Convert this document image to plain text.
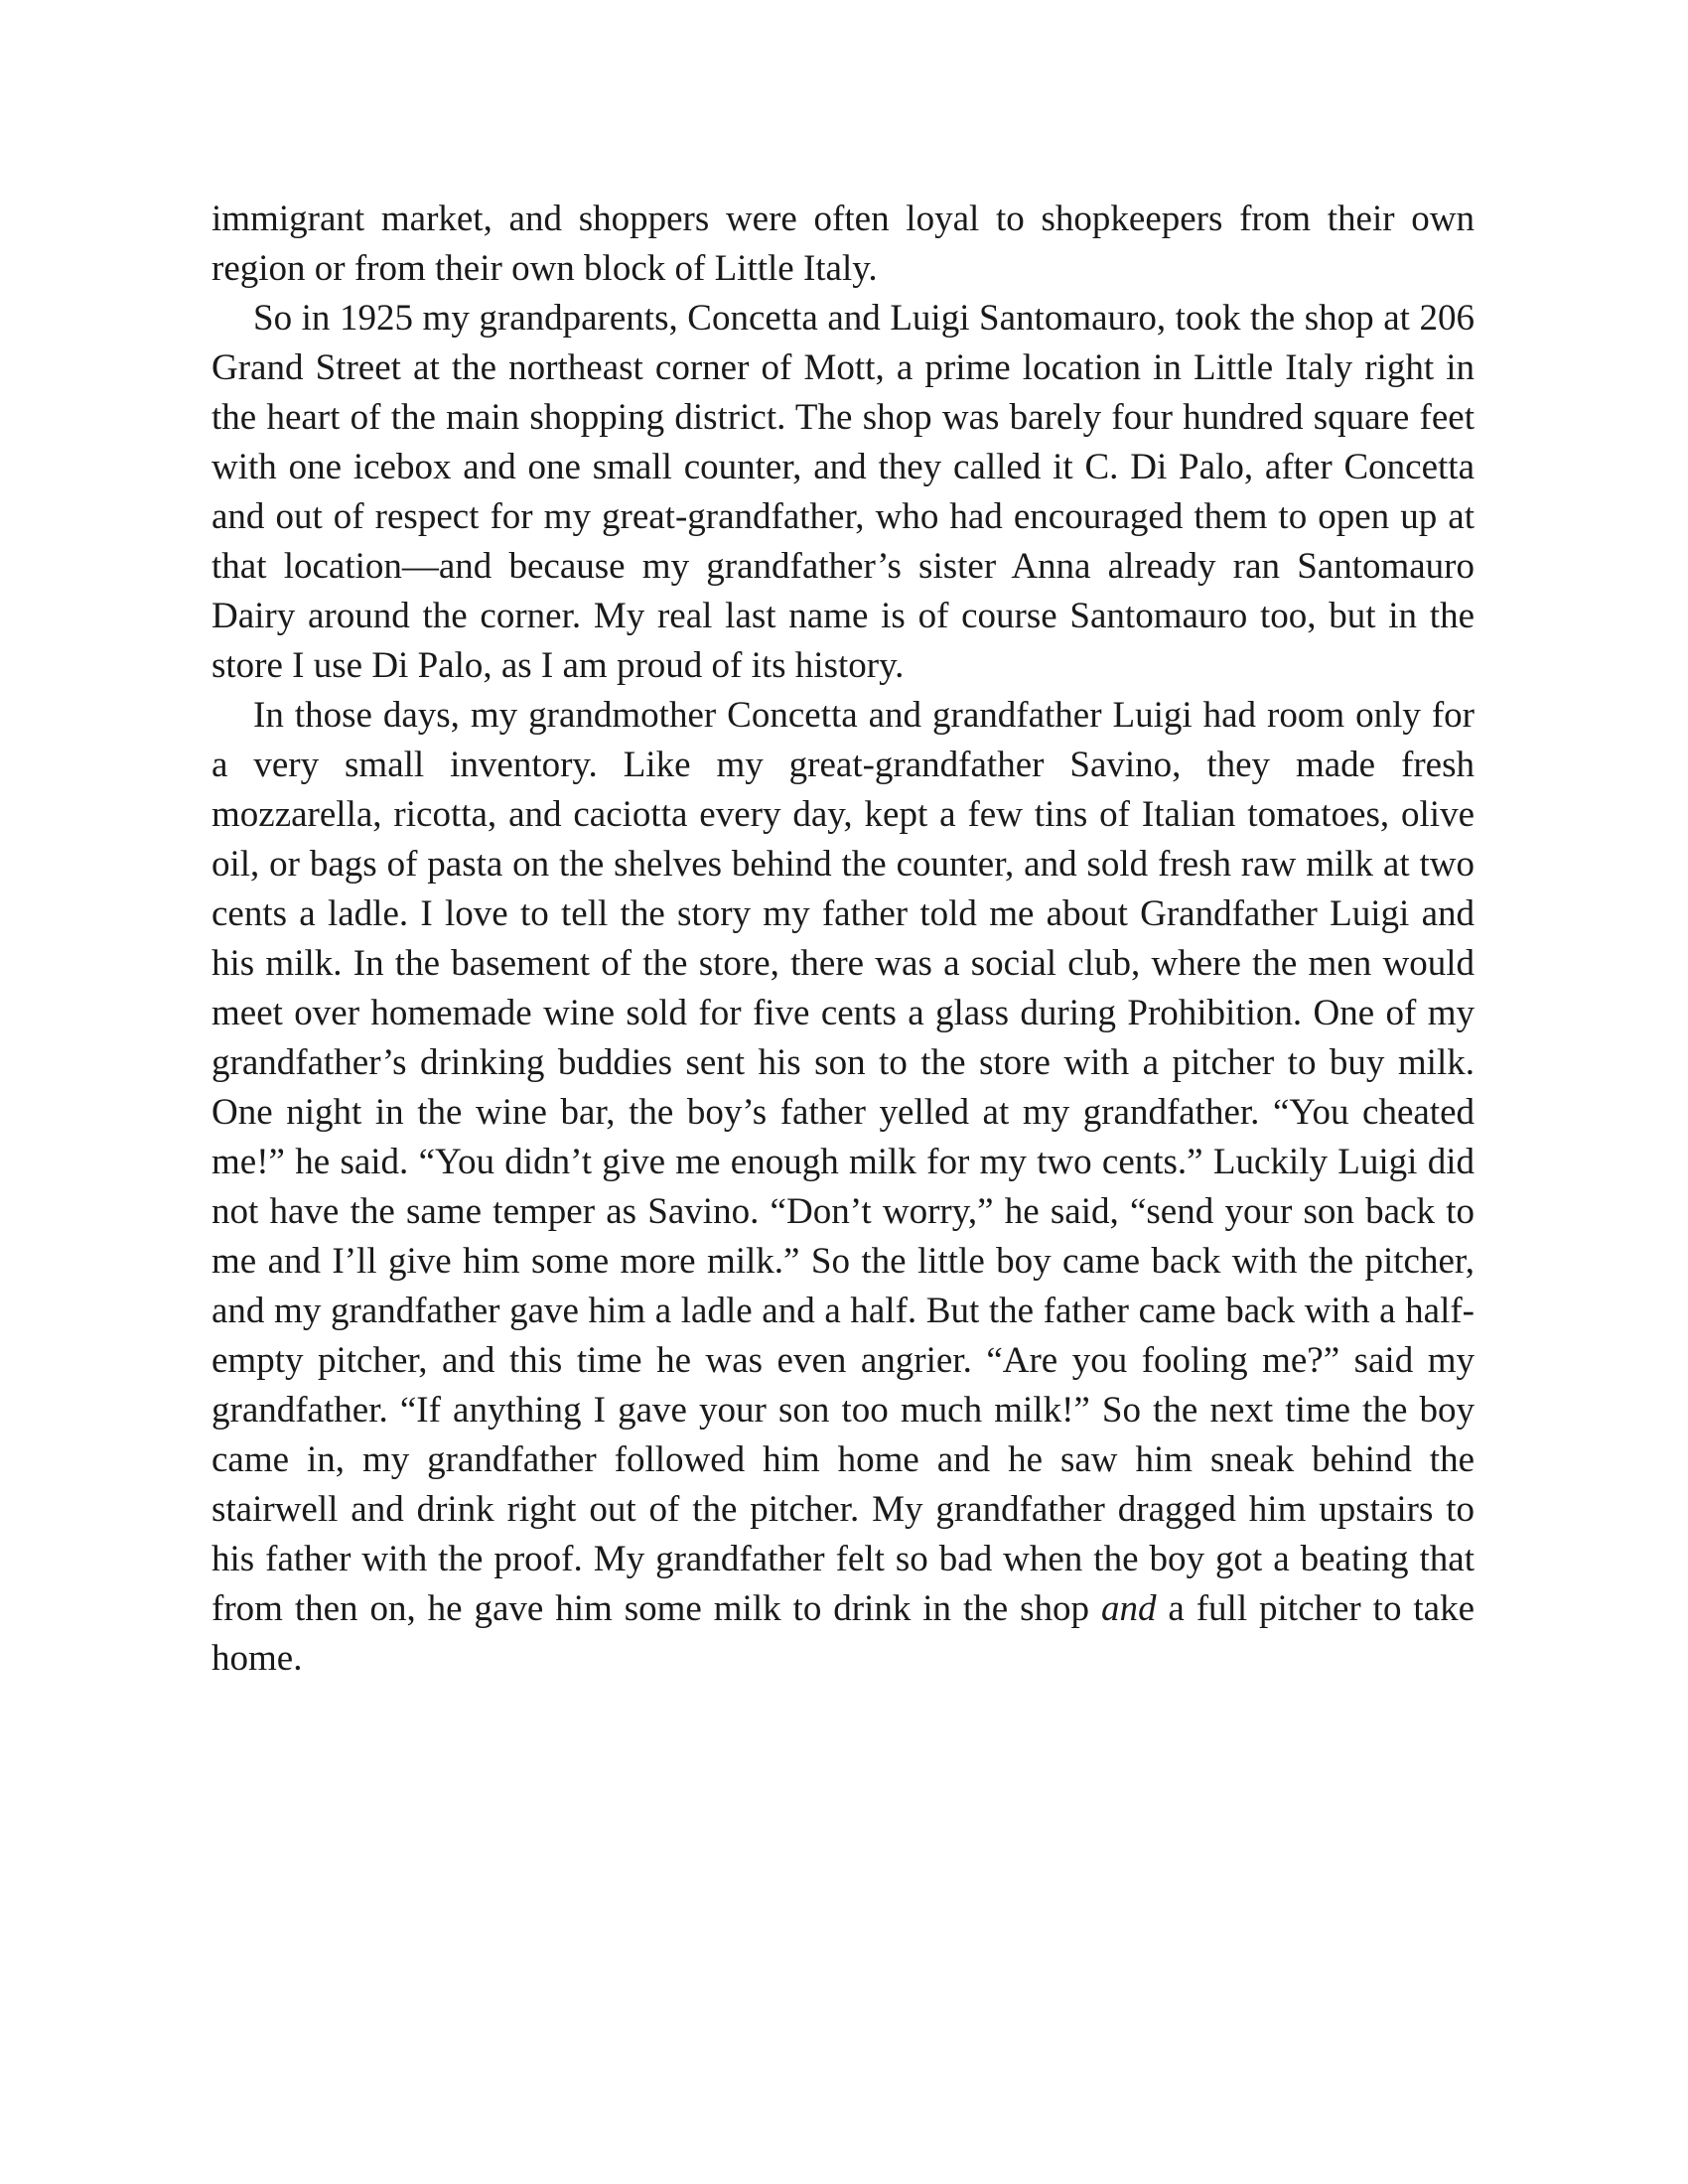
immigrant market, and shoppers were often loyal to shopkeepers from their own region or from their own block of Little Italy.

So in 1925 my grandparents, Concetta and Luigi Santomauro, took the shop at 206 Grand Street at the northeast corner of Mott, a prime location in Little Italy right in the heart of the main shopping district. The shop was barely four hundred square feet with one icebox and one small counter, and they called it C. Di Palo, after Concetta and out of respect for my great-grandfather, who had encouraged them to open up at that location—and because my grandfather’s sister Anna already ran Santomauro Dairy around the corner. My real last name is of course Santomauro too, but in the store I use Di Palo, as I am proud of its history.

In those days, my grandmother Concetta and grandfather Luigi had room only for a very small inventory. Like my great-grandfather Savino, they made fresh mozzarella, ricotta, and caciotta every day, kept a few tins of Italian tomatoes, olive oil, or bags of pasta on the shelves behind the counter, and sold fresh raw milk at two cents a ladle. I love to tell the story my father told me about Grandfather Luigi and his milk. In the basement of the store, there was a social club, where the men would meet over homemade wine sold for five cents a glass during Prohibition. One of my grandfather’s drinking buddies sent his son to the store with a pitcher to buy milk. One night in the wine bar, the boy’s father yelled at my grandfather. “You cheated me!” he said. “You didn’t give me enough milk for my two cents.” Luckily Luigi did not have the same temper as Savino. “Don’t worry,” he said, “send your son back to me and I’ll give him some more milk.” So the little boy came back with the pitcher, and my grandfather gave him a ladle and a half. But the father came back with a half-empty pitcher, and this time he was even angrier. “Are you fooling me?” said my grandfather. “If anything I gave your son too much milk!” So the next time the boy came in, my grandfather followed him home and he saw him sneak behind the stairwell and drink right out of the pitcher. My grandfather dragged him upstairs to his father with the proof. My grandfather felt so bad when the boy got a beating that from then on, he gave him some milk to drink in the shop and a full pitcher to take home.
